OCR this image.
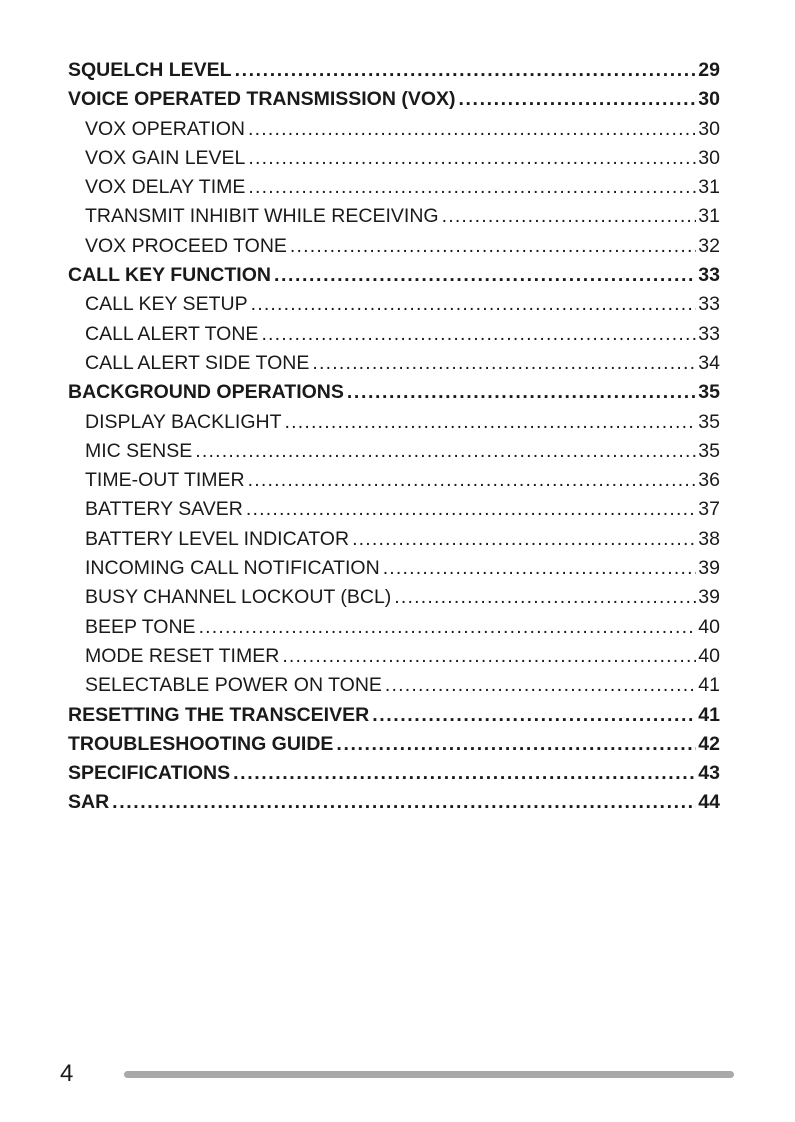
SQUELCH LEVEL .....	29
VOICE OPERATED TRANSMISSION (VOX) .....	30
VOX OPERATION .....	30
VOX GAIN LEVEL .....	30
VOX DELAY TIME .....	31
TRANSMIT INHIBIT WHILE RECEIVING .....	31
VOX PROCEED TONE .....	32
CALL KEY FUNCTION .....	33
CALL KEY SETUP .....	33
CALL ALERT TONE .....	33
CALL ALERT SIDE TONE .....	34
BACKGROUND OPERATIONS .....	35
DISPLAY BACKLIGHT .....	35
MIC SENSE .....	35
TIME-OUT TIMER .....	36
BATTERY SAVER .....	37
BATTERY LEVEL INDICATOR .....	38
INCOMING CALL NOTIFICATION .....	39
BUSY CHANNEL LOCKOUT (BCL) .....	39
BEEP TONE .....	40
MODE RESET TIMER .....	40
SELECTABLE POWER ON TONE .....	41
RESETTING THE TRANSCEIVER .....	41
TROUBLESHOOTING GUIDE .....	42
SPECIFICATIONS .....	43
SAR .....	44
4
